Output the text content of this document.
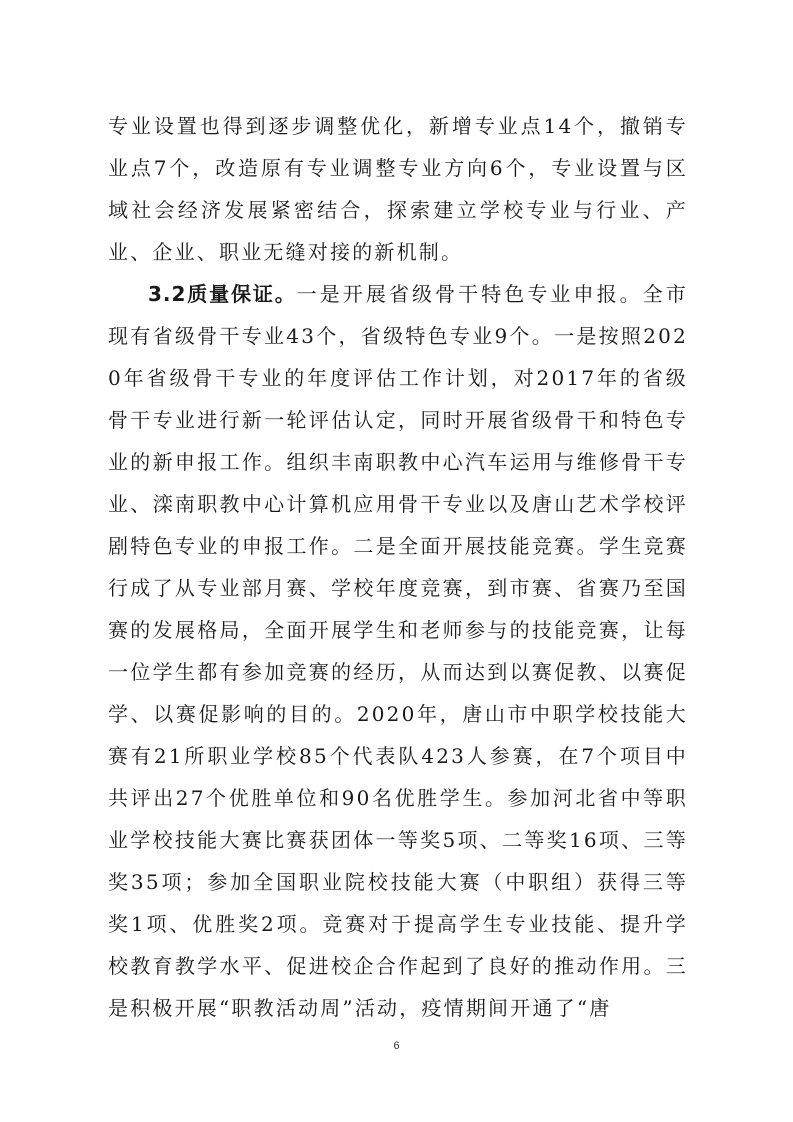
专业设置也得到逐步调整优化，新增专业点14个，撤销专业点7个，改造原有专业调整专业方向6个，专业设置与区域社会经济发展紧密结合，探索建立学校专业与行业、产业、企业、职业无缝对接的新机制。

3.2质量保证。一是开展省级骨干特色专业申报。全市现有省级骨干专业43个，省级特色专业9个。一是按照2020年省级骨干专业的年度评估工作计划，对2017年的省级骨干专业进行新一轮评估认定，同时开展省级骨干和特色专业的新申报工作。组织丰南职教中心汽车运用与维修骨干专业、滦南职教中心计算机应用骨干专业以及唐山艺术学校评剧特色专业的申报工作。二是全面开展技能竞赛。学生竞赛行成了从专业部月赛、学校年度竞赛，到市赛、省赛乃至国赛的发展格局，全面开展学生和老师参与的技能竞赛，让每一位学生都有参加竞赛的经历，从而达到以赛促教、以赛促学、以赛促影响的目的。2020年，唐山市中职学校技能大赛有21所职业学校85个代表队423人参赛，在7个项目中共评出27个优胜单位和90名优胜学生。参加河北省中等职业学校技能大赛比赛获团体一等奖5项、二等奖16项、三等奖35项；参加全国职业院校技能大赛（中职组）获得三等奖1项、优胜奖2项。竞赛对于提高学生专业技能、提升学校教育教学水平、促进校企合作起到了良好的推动作用。三是积极开展“职教活动周”活动，疫情期间开通了“唐

6
